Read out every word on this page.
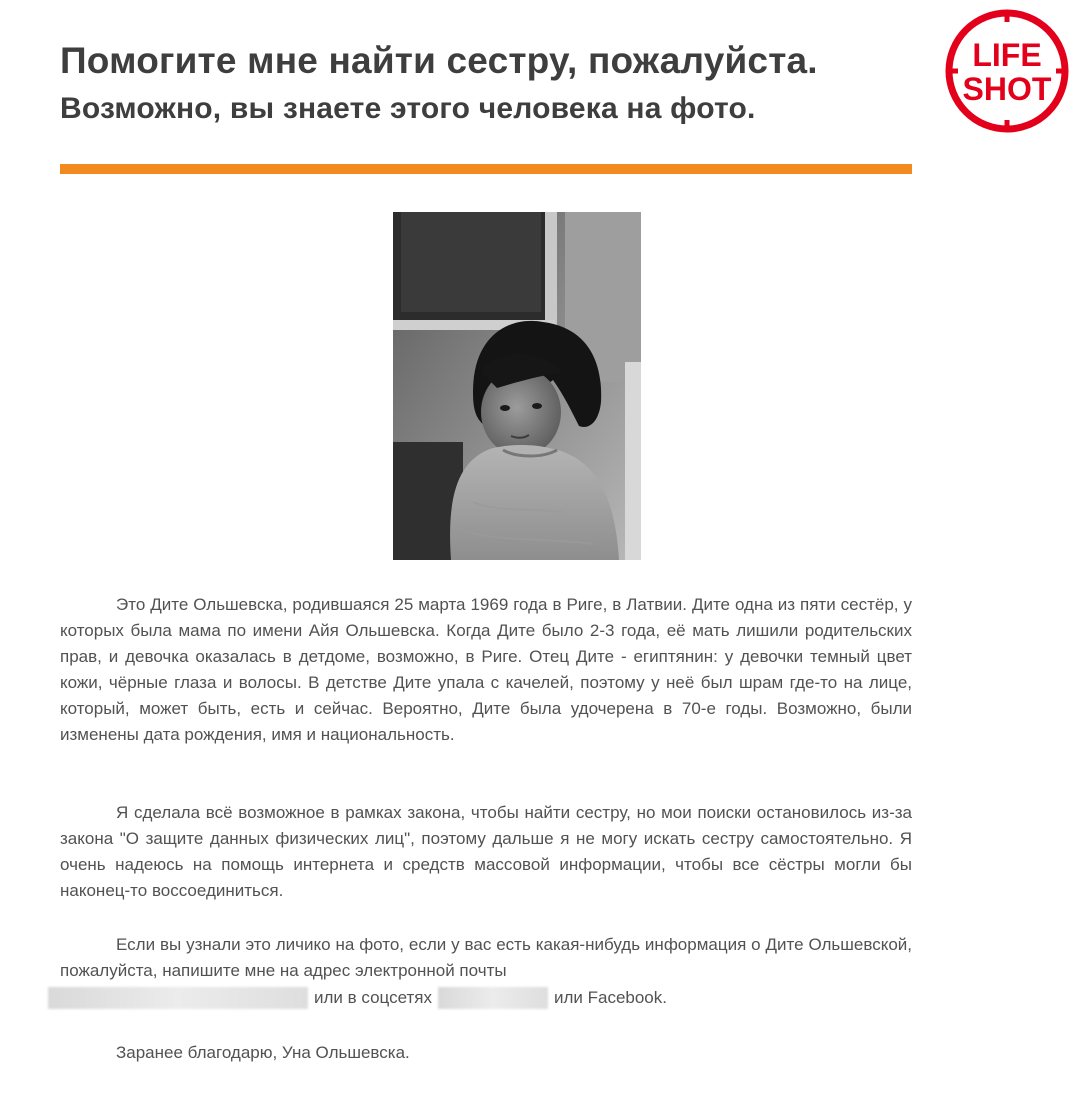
Помогите мне найти сестру, пожалуйста.
Возможно, вы знаете этого человека на фото.
LIFE
SHOT

Это Дите Ольшевска, родившаяся 25 марта 1969 года в Риге, в Латвии. Дите одна из пяти сестёр, у которых была мама по имени Айя Ольшевска. Когда Дите было 2-3 года, её мать лишили родительских прав, и девочка оказалась в детдоме, возможно, в Риге. Отец Дите - египтянин: у девочки темный цвет кожи, чёрные глаза и волосы. В детстве Дите упала с качелей, поэтому у неё был шрам где-то на лице, который, может быть, есть и сейчас. Вероятно, Дите была удочерена в 70-е годы. Возможно, были изменены дата рождения, имя и национальность.

Я сделала всё возможное в рамках закона, чтобы найти сестру, но мои поиски остановилось из-за закона "О защите данных физических лиц", поэтому дальше я не могу искать сестру самостоятельно. Я очень надеюсь на помощь интернета и средств массовой информации, чтобы все сёстры могли бы наконец-то воссоединиться.

Если вы узнали это личико на фото, если у вас есть какая-нибудь информация о Дите Ольшевской, пожалуйста, напишите мне на адрес электронной почты

или в соцсетях	или Facebook.

Заранее благодарю, Уна Ольшевска.
